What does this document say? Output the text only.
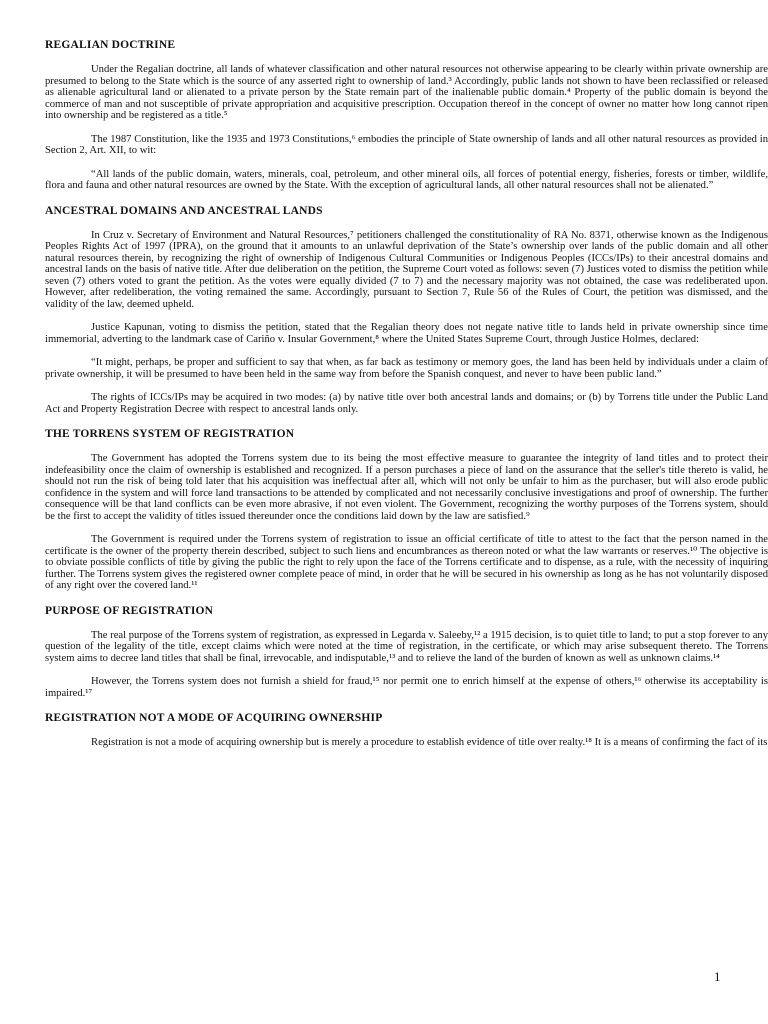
REGALIAN DOCTRINE

Under the Regalian doctrine, all lands of whatever classification and other natural resources not otherwise appearing to be clearly within private ownership are presumed to belong to the State which is the source of any asserted right to ownership of land.³ Accordingly, public lands not shown to have been reclassified or released as alienable agricultural land or alienated to a private person by the State remain part of the inalienable public domain.⁴ Property of the public domain is beyond the commerce of man and not susceptible of private appropriation and acquisitive prescription. Occupation thereof in the concept of owner no matter how long cannot ripen into ownership and be registered as a title.⁵

The 1987 Constitution, like the 1935 and 1973 Constitutions,⁶ embodies the principle of State ownership of lands and all other natural resources as provided in Section 2, Art. XII, to wit:

“All lands of the public domain, waters, minerals, coal, petroleum, and other mineral oils, all forces of potential energy, fisheries, forests or timber, wildlife, flora and fauna and other natural resources are owned by the State. With the exception of agricultural lands, all other natural resources shall not be alienated.”

ANCESTRAL DOMAINS AND ANCESTRAL LANDS

In Cruz v. Secretary of Environment and Natural Resources,⁷ petitioners challenged the constitutionality of RA No. 8371, otherwise known as the Indigenous Peoples Rights Act of 1997 (IPRA), on the ground that it amounts to an unlawful deprivation of the State’s ownership over lands of the public domain and all other natural resources therein, by recognizing the right of ownership of Indigenous Cultural Communities or Indigenous Peoples (ICCs/IPs) to their ancestral domains and ancestral lands on the basis of native title. After due deliberation on the petition, the Supreme Court voted as follows: seven (7) Justices voted to dismiss the petition while seven (7) others voted to grant the petition. As the votes were equally divided (7 to 7) and the necessary majority was not obtained, the case was redeliberated upon. However, after redeliberation, the voting remained the same. Accordingly, pursuant to Section 7, Rule 56 of the Rules of Court, the petition was dismissed, and the validity of the law, deemed upheld.

Justice Kapunan, voting to dismiss the petition, stated that the Regalian theory does not negate native title to lands held in private ownership since time immemorial, adverting to the landmark case of Cariño v. Insular Government,⁸ where the United States Supreme Court, through Justice Holmes, declared:

“It might, perhaps, be proper and sufficient to say that when, as far back as testimony or memory goes, the land has been held by individuals under a claim of private ownership, it will be presumed to have been held in the same way from before the Spanish conquest, and never to have been public land.”

The rights of ICCs/IPs may be acquired in two modes: (a) by native title over both ancestral lands and domains; or (b) by Torrens title under the Public Land Act and Property Registration Decree with respect to ancestral lands only.

THE TORRENS SYSTEM OF REGISTRATION

The Government has adopted the Torrens system due to its being the most effective measure to guarantee the integrity of land titles and to protect their indefeasibility once the claim of ownership is established and recognized. If a person purchases a piece of land on the assurance that the seller's title thereto is valid, he should not run the risk of being told later that his acquisition was ineffectual after all, which will not only be unfair to him as the purchaser, but will also erode public confidence in the system and will force land transactions to be attended by complicated and not necessarily conclusive investigations and proof of ownership. The further consequence will be that land conflicts can be even more abrasive, if not even violent. The Government, recognizing the worthy purposes of the Torrens system, should be the first to accept the validity of titles issued thereunder once the conditions laid down by the law are satisfied.⁹

The Government is required under the Torrens system of registration to issue an official certificate of title to attest to the fact that the person named in the certificate is the owner of the property therein described, subject to such liens and encumbrances as thereon noted or what the law warrants or reserves.¹⁰ The objective is to obviate possible conflicts of title by giving the public the right to rely upon the face of the Torrens certificate and to dispense, as a rule, with the necessity of inquiring further. The Torrens system gives the registered owner complete peace of mind, in order that he will be secured in his ownership as long as he has not voluntarily disposed of any right over the covered land.¹¹

PURPOSE OF REGISTRATION

The real purpose of the Torrens system of registration, as expressed in Legarda v. Saleeby,¹² a 1915 decision, is to quiet title to land; to put a stop forever to any question of the legality of the title, except claims which were noted at the time of registration, in the certificate, or which may arise subsequent thereto. The Torrens system aims to decree land titles that shall be final, irrevocable, and indisputable,¹³ and to relieve the land of the burden of known as well as unknown claims.¹⁴

However, the Torrens system does not furnish a shield for fraud,¹⁵ nor permit one to enrich himself at the expense of others,¹⁶ otherwise its acceptability is impaired.¹⁷

REGISTRATION NOT A MODE OF ACQUIRING OWNERSHIP

Registration is not a mode of acquiring ownership but is merely a procedure to establish evidence of title over realty.¹⁸ It is a means of confirming the fact of its

1
